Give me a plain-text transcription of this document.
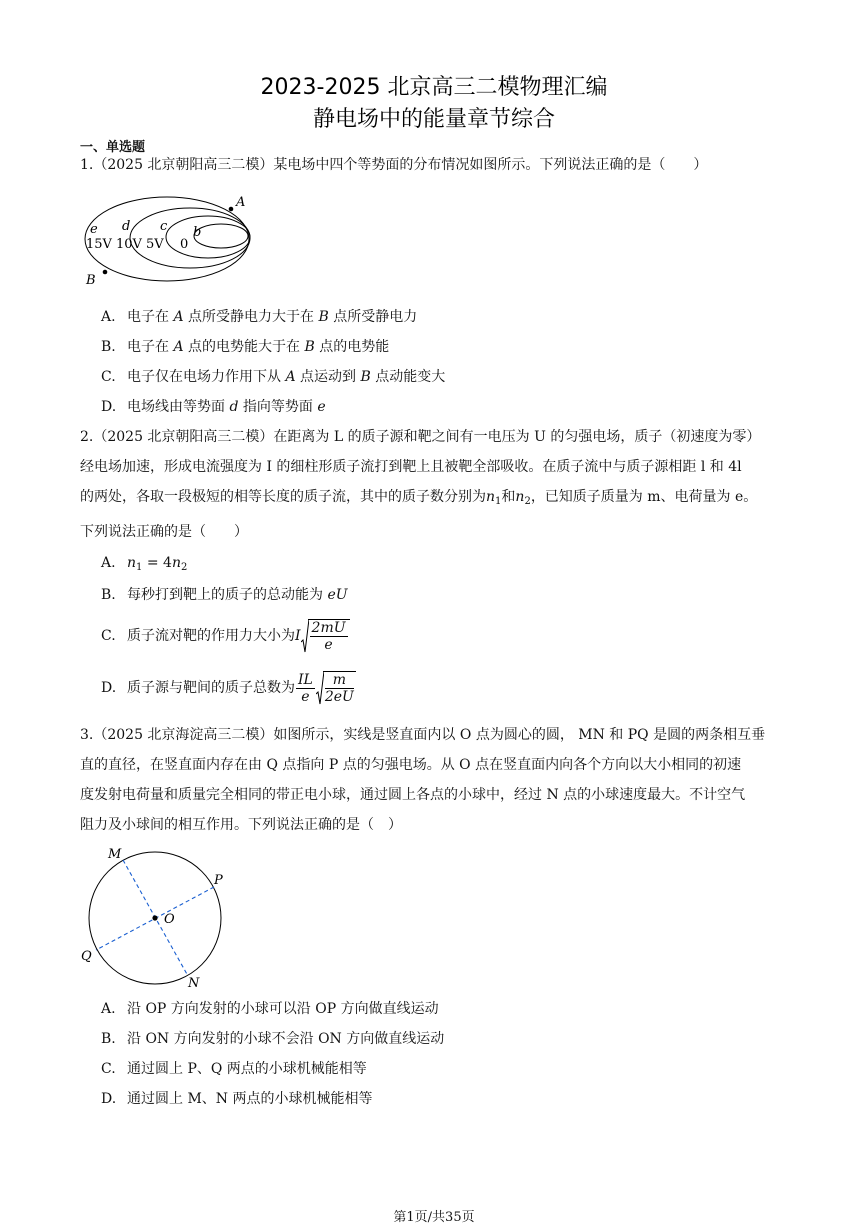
2023-2025 北京高三二模物理汇编
静电场中的能量章节综合
一、单选题
1.（2025 北京朝阳高三二模）某电场中四个等势面的分布情况如图所示。下列说法正确的是（　　）
e d c b
15V 10V 5V 0
A
B
A. 电子在 A 点所受静电力大于在 B 点所受静电力
B. 电子在 A 点的电势能大于在 B 点的电势能
C. 电子仅在电场力作用下从 A 点运动到 B 点动能变大
D. 电场线由等势面 d 指向等势面 e
2.（2025 北京朝阳高三二模）在距离为 L 的质子源和靶之间有一电压为 U 的匀强电场，质子（初速度为零）
经电场加速，形成电流强度为 I 的细柱形质子流打到靶上且被靶全部吸收。在质子流中与质子源相距 l 和 4l
的两处，各取一段极短的相等长度的质子流，其中的质子数分别为$n_1$和$n_2$，已知质子质量为 m、电荷量为 e。
下列说法正确的是（　　）
A. $n_1 = 4n_2$
B. 每秒打到靶上的质子的总动能为 eU
C. 质子流对靶的作用力大小为I $\frac{2mU}{e}$
D. 质子源与靶间的质子总数为 $\frac{IL}{e} \frac{m}{2eU}$
3.（2025 北京海淀高三二模）如图所示，实线是竖直面内以 O 点为圆心的圆， MN 和 PQ 是圆的两条相互垂
直的直径，在竖直面内存在由 Q 点指向 P 点的匀强电场。从 O 点在竖直面内向各个方向以大小相同的初速
度发射电荷量和质量完全相同的带正电小球，通过圆上各点的小球中，经过 N 点的小球速度最大。不计空气
阻力及小球间的相互作用。下列说法正确的是（　）
M
P
O
Q
N
A. 沿 OP 方向发射的小球可以沿 OP 方向做直线运动
B. 沿 ON 方向发射的小球不会沿 ON 方向做直线运动
C. 通过圆上 P、Q 两点的小球机械能相等
D. 通过圆上 M、N 两点的小球机械能相等
第1页/共35页
